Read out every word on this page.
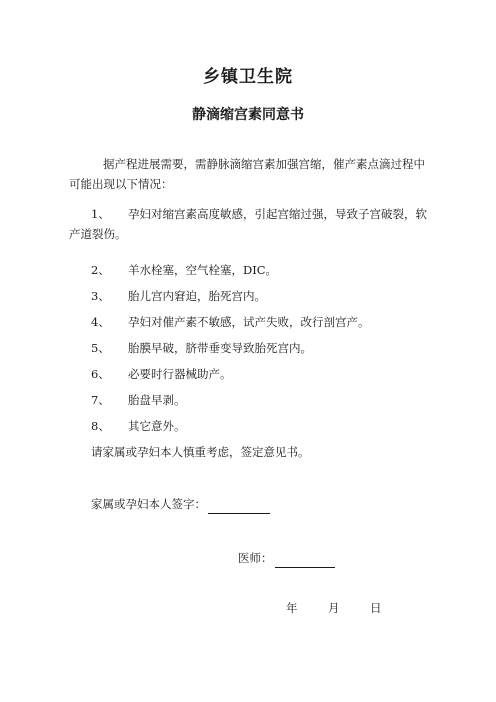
乡镇卫生院
静滴缩宫素同意书
据产程进展需要，需静脉滴缩宫素加强宫缩，催产素点滴过程中可能出现以下情况：
1、 孕妇对缩宫素高度敏感，引起宫缩过强，导致子宫破裂，软产道裂伤。
2、 羊水栓塞，空气栓塞，DIC。
3、 胎儿宫内窘迫，胎死宫内。
4、 孕妇对催产素不敏感，试产失败，改行剖宫产。
5、 胎膜早破，脐带垂变导致胎死宫内。
6、 必要时行器械助产。
7、 胎盘早剥。
8、 其它意外。
请家属或孕妇本人慎重考虑，签定意见书。
家属或孕妇本人签字：
医师：
年	月	日
